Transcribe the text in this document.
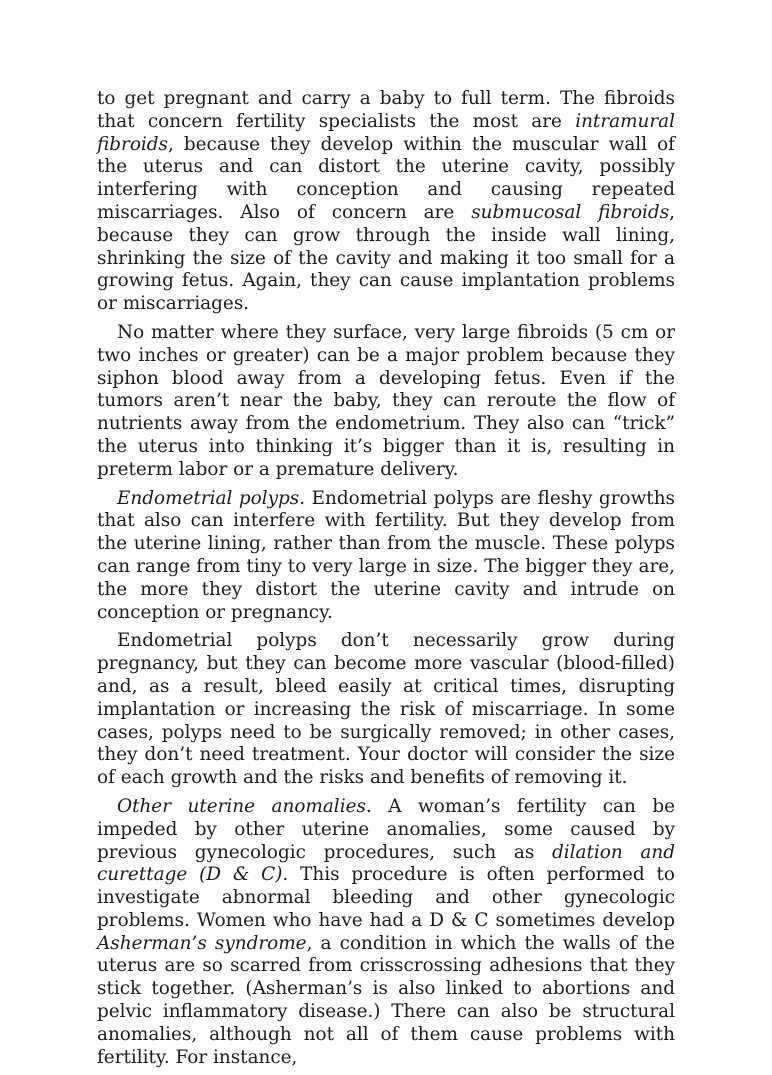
to get pregnant and carry a baby to full term. The fibroids that concern fertility specialists the most are intramural fibroids, because they develop within the muscular wall of the uterus and can distort the uterine cavity, possibly interfering with conception and causing repeated miscarriages. Also of concern are submucosal fibroids, because they can grow through the inside wall lining, shrinking the size of the cavity and making it too small for a growing fetus. Again, they can cause implantation problems or miscarriages.

No matter where they surface, very large fibroids (5 cm or two inches or greater) can be a major problem because they siphon blood away from a developing fetus. Even if the tumors aren’t near the baby, they can reroute the flow of nutrients away from the endometrium. They also can “trick” the uterus into thinking it’s bigger than it is, resulting in preterm labor or a premature delivery.

Endometrial polyps. Endometrial polyps are fleshy growths that also can interfere with fertility. But they develop from the uterine lining, rather than from the muscle. These polyps can range from tiny to very large in size. The bigger they are, the more they distort the uterine cavity and intrude on conception or pregnancy.

Endometrial polyps don’t necessarily grow during pregnancy, but they can become more vascular (blood-filled) and, as a result, bleed easily at critical times, disrupting implantation or increasing the risk of miscarriage. In some cases, polyps need to be surgically removed; in other cases, they don’t need treatment. Your doctor will consider the size of each growth and the risks and benefits of removing it.

Other uterine anomalies. A woman’s fertility can be impeded by other uterine anomalies, some caused by previous gynecologic procedures, such as dilation and curettage (D & C). This procedure is often performed to investigate abnormal bleeding and other gynecologic problems. Women who have had a D & C sometimes develop Asherman’s syndrome, a condition in which the walls of the uterus are so scarred from crisscrossing adhesions that they stick together. (Asherman’s is also linked to abortions and pelvic inflammatory disease.) There can also be structural anomalies, although not all of them cause problems with fertility. For instance,
